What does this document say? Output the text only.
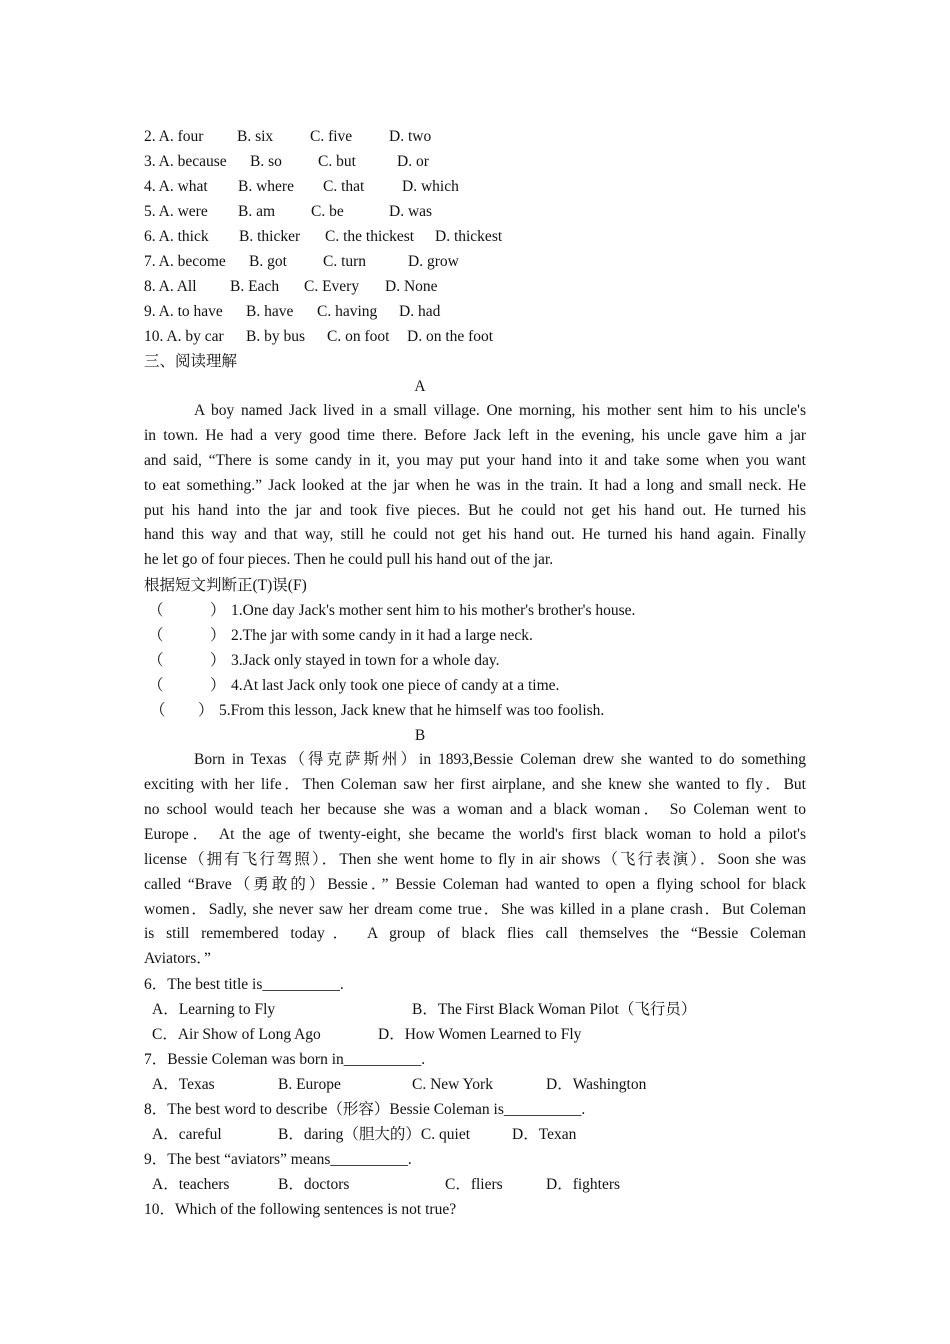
2. A. four B. six C. five D. two
3. A. because B. so C. but	D. or
4. A. what B. where C. that D. which
5. A. were B. am C. be	D. was
6. A. thick B. thicker C. the thickest D. thickest
7. A. become B. got C. turn	D. grow
8. A. All B. Each C. Every D. None
9. A. to have B. have C. having D. had
10. A. by car B. by bus C. on foot D. on the foot
三、阅读理解
A
A boy named Jack lived in a small village. One morning, his mother sent him to his uncle's
in town. He had a very good time there. Before Jack left in the evening, his uncle gave him a jar
and said, “There is some candy in it, you may put your hand into it and take some when you want
to eat something.” Jack looked at the jar when he was in the train. It had a long and small neck. He
put his hand into the jar and took five pieces. But he could not get his hand out. He turned his
hand this way and that way, still he could not get his hand out. He turned his hand again. Finally
he let go of four pieces. Then he could pull his hand out of the jar.
根据短文判断正(T)误(F)
（	） 1.One day Jack's mother sent him to his mother's brother's house.
（	） 2.The jar with some candy in it had a large neck.
（	） 3.Jack only stayed in town for a whole day.
（	） 4.At last Jack only took one piece of candy at a time.
（ ） 5.From this lesson, Jack knew that he himself was too foolish.
B
Born in Texas（得克萨斯州）in 1893,Bessie Coleman drew she wanted to do something
exciting with her life．Then Coleman saw her first airplane, and she knew she wanted to fly．But
no school would teach her because she was a woman and a black woman． So Coleman went to
Europe． At the age of twenty-eight, she became the world's first black woman to hold a pilot's
license（拥有飞行驾照）．Then she went home to fly in air shows（飞行表演）．Soon she was
called “Brave（勇敢的）Bessie．” Bessie Coleman had wanted to open a flying school for black
women．Sadly, she never saw her dream come true．She was killed in a plane crash．But Coleman
is still remembered today． A group of black flies call themselves the “Bessie Coleman
Aviators．”
6．The best title is__________.
A．Learning to Fly	B．The First Black Woman Pilot（飞行员）
C．Air Show of Long Ago	D．How Women Learned to Fly
7．Bessie Coleman was born in__________.
A．Texas	B. Europe	C. New York	D．Washington
8．The best word to describe（形容）Bessie Coleman is__________.
A．careful	B．daring（胆大的）C. quiet	D．Texan
9．The best “aviators” means__________.
A．teachers	B．doctors	C．fliers	D．fighters
10．Which of the following sentences is not true?
